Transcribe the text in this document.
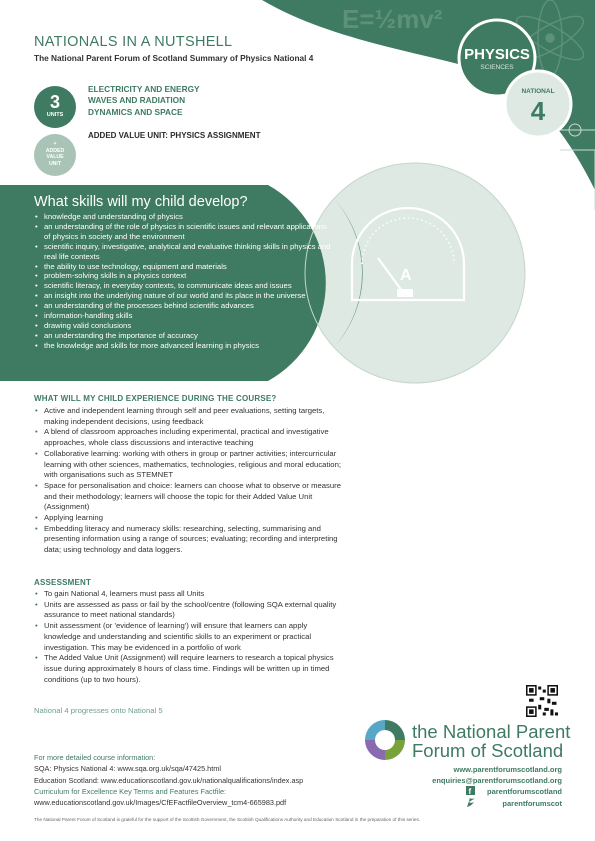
E=½mv²
A
f
NATIONALS IN A NUTSHELL
The National Parent Forum of Scotland Summary of Physics National 4
3
UNITS
ELECTRICITY AND ENERGY
WAVES AND RADIATION
DYNAMICS AND SPACE
+
ADDED
VALUE
UNIT
ADDED VALUE UNIT: PHYSICS ASSIGNMENT
PHYSICS
SCIENCES
NATIONAL
4
What skills will my child develop?
• knowledge and understanding of physics
• an understanding of the role of physics in scientific issues and relevant applications of physics in society and the environment
• scientific inquiry, investigative, analytical and evaluative thinking skills in physics and real life contexts
• the ability to use technology, equipment and materials
• problem-solving skills in a physics context
• scientific literacy, in everyday contexts, to communicate ideas and issues
• an insight into the underlying nature of our world and its place in the universe
• an understanding of the processes behind scientific advances
• information-handling skills
• drawing valid conclusions
• an understanding the importance of accuracy
• the knowledge and skills for more advanced learning in physics
WHAT WILL MY CHILD EXPERIENCE DURING THE COURSE?
• Active and independent learning through self and peer evaluations, setting targets, making independent decisions, using feedback
• A blend of classroom approaches including experimental, practical and investigative approaches, whole class discussions and interactive teaching
• Collaborative learning: working with others in group or partner activities; intercurricular learning with other sciences, mathematics, technologies, religious and moral education; with organisations such as STEMNET
• Space for personalisation and choice: learners can choose what to observe or measure and their methodology; learners will choose the topic for their Added Value Unit (Assignment)
• Applying learning
• Embedding literacy and numeracy skills: researching, selecting, summarising and presenting information using a range of sources; evaluating; recording and interpreting data; using technology and data loggers.
ASSESSMENT
• To gain National 4, learners must pass all Units
• Units are assessed as pass or fail by the school/centre (following SQA external quality assurance to meet national standards)
• Unit assessment (or 'evidence of learning') will ensure that learners can apply knowledge and understanding and scientific skills to an experiment or practical investigation. This may be evidenced in a portfolio of work
• The Added Value Unit (Assignment) will require learners to research a topical physics issue during approximately 8 hours of class time. Findings will be written up in timed conditions (up to two hours).
National 4 progresses onto National 5
For more detailed course information:
SQA: Physics National 4: www.sqa.org.uk/sqa/47425.html
Education Scotland: www.educationscotland.gov.uk/nationalqualifications/index.asp
Curriculum for Excellence Key Terms and Features Factfile:
www.educationscotland.gov.uk/Images/CfEFactfileOverview_tcm4-665983.pdf
the National Parent
Forum of Scotland
www.parentforumscotland.org
enquiries@parentforumscotland.org
parentforumscotland
parentforumscot
The National Parent Forum of Scotland is grateful for the support of the Scottish Government, the Scottish Qualifications Authority and Education Scotland in the preparation of this series.
